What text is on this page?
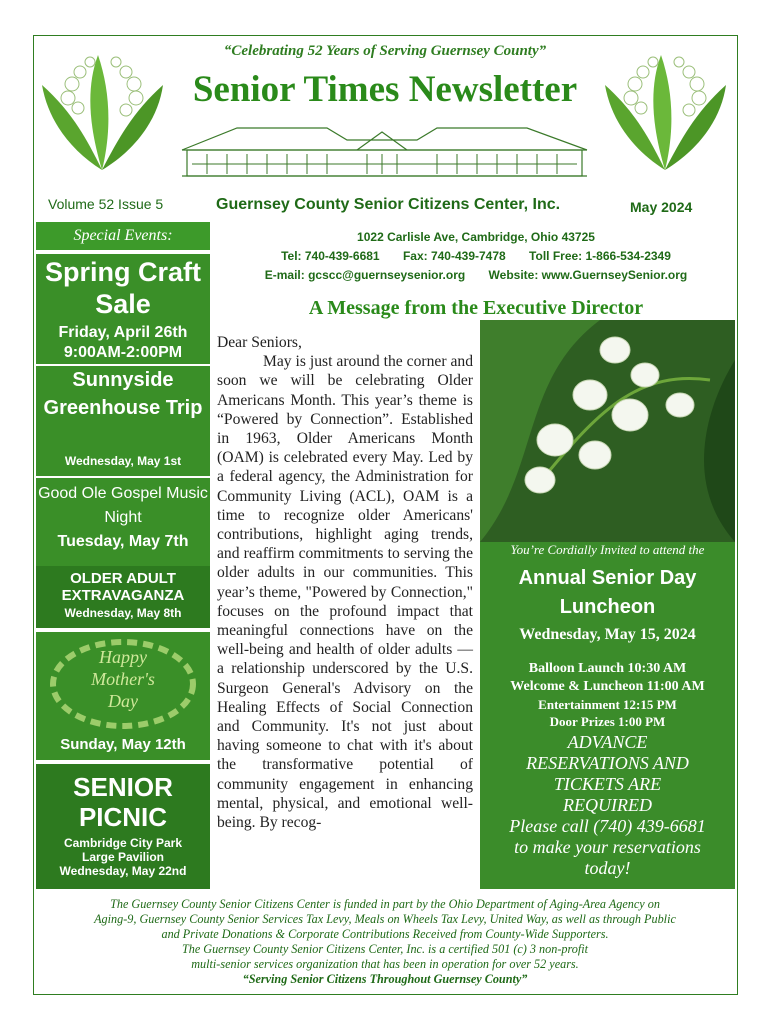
“Celebrating 52 Years of Serving Guernsey County”
Senior Times Newsletter
Volume 52 Issue 5	Guernsey County Senior Citizens Center, Inc.	May 2024
1022 Carlisle Ave, Cambridge, Ohio 43725
Tel: 740-439-6681 Fax: 740-439-7478 Toll Free: 1-866-534-2349
E-mail: gcscc@guernseysenior.org Website: www.GuernseySenior.org
A Message from the Executive Director
Special Events:
Spring Craft Sale
Friday, April 26th
9:00AM-2:00PM
Sunnyside Greenhouse Trip
Wednesday, May 1st
Good Ole Gospel Music Night
Tuesday, May 7th
OLDER ADULT EXTRAVAGANZA
Wednesday, May 8th
Happy
Mother's
Day
Sunday, May 12th
SENIOR PICNIC
Cambridge City Park
Large Pavilion
Wednesday, May 22nd
Dear Seniors,

May is just around the corner and soon we will be celebrating Older Americans Month. This year’s theme is “Powered by Connection”. Established in 1963, Older Americans Month (OAM) is celebrated every May. Led by a federal agency, the Administration for Community Living (ACL), OAM is a time to recognize older Americans' contributions, highlight aging trends, and reaffirm commitments to serving the older adults in our communities. This year’s theme, "Powered by Connection," focuses on the profound impact that meaningful connections have on the well-being and health of older adults — a relationship underscored by the U.S. Surgeon General's Advisory on the Healing Effects of Social Connection and Community. It's not just about having someone to chat with it's about the transformative potential of community engagement in enhancing mental, physical, and emotional well-being. By recog-

You’re Cordially Invited to attend the
Annual Senior Day
Luncheon
Wednesday, May 15, 2024
Balloon Launch 10:30 AM
Welcome & Luncheon 11:00 AM
Entertainment 12:15 PM
Door Prizes 1:00 PM
ADVANCE
RESERVATIONS AND
TICKETS ARE
REQUIRED
Please call (740) 439-6681
to make your reservations
today!
The Guernsey County Senior Citizens Center is funded in part by the Ohio Department of Aging-Area Agency on
Aging-9, Guernsey County Senior Services Tax Levy, Meals on Wheels Tax Levy, United Way, as well as through Public
and Private Donations & Corporate Contributions Received from County-Wide Supporters.
The Guernsey County Senior Citizens Center, Inc. is a certified 501 (c) 3 non-profit
multi-senior services organization that has been in operation for over 52 years.
“Serving Senior Citizens Throughout Guernsey County”
